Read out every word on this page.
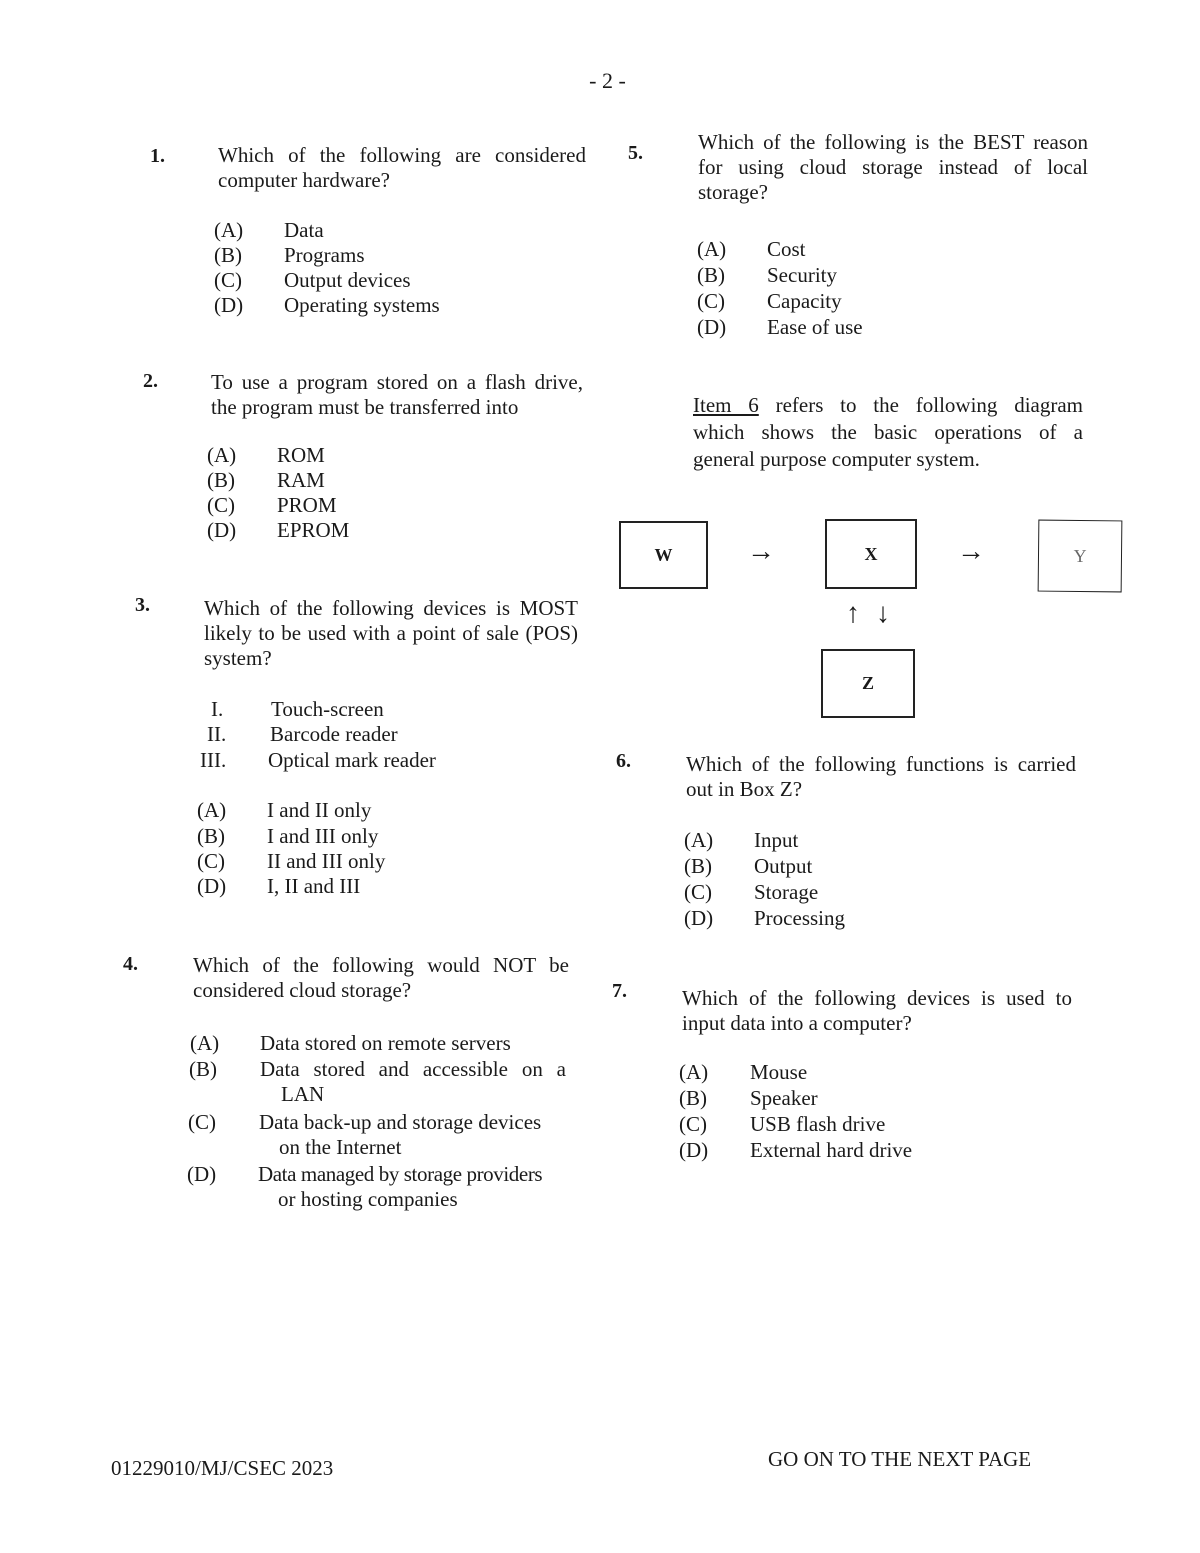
- 2 -
1.	Which of the following are considered
computer hardware?
(A) Data
(B) Programs
(C) Output devices
(D) Operating systems
2.	To use a program stored on a flash drive,
the program must be transferred into
(A) ROM
(B) RAM
(C) PROM
(D) EPROM
3.	Which of the following devices is MOST
likely to be used with a point of sale (POS)
system?
I. Touch-screen
II. Barcode reader
III. Optical mark reader
(A) I and II only
(B) I and III only
(C) II and III only
(D) I, II and III
4.	Which of the following would NOT be
considered cloud storage?
(A) Data stored on remote servers
(B) Data stored and accessible on a
LAN
(C) Data back-up and storage devices
on the Internet
(D) Data managed by storage providers
or hosting companies
5.	Which of the following is the BEST reason
for using cloud storage instead of local
storage?
(A) Cost
(B) Security
(C) Capacity
(D) Ease of use
Item 6 refers to the following diagram
which shows the basic operations of a
general purpose computer system.
W	→	X	→	Y
↑ ↓
Z
6.	Which of the following functions is carried
out in Box Z?
(A) Input
(B) Output
(C) Storage
(D) Processing
7.	Which of the following devices is used to
input data into a computer?
(A) Mouse
(B) Speaker
(C) USB flash drive
(D) External hard drive
01229010/MJ/CSEC 2023	GO ON TO THE NEXT PAGE
